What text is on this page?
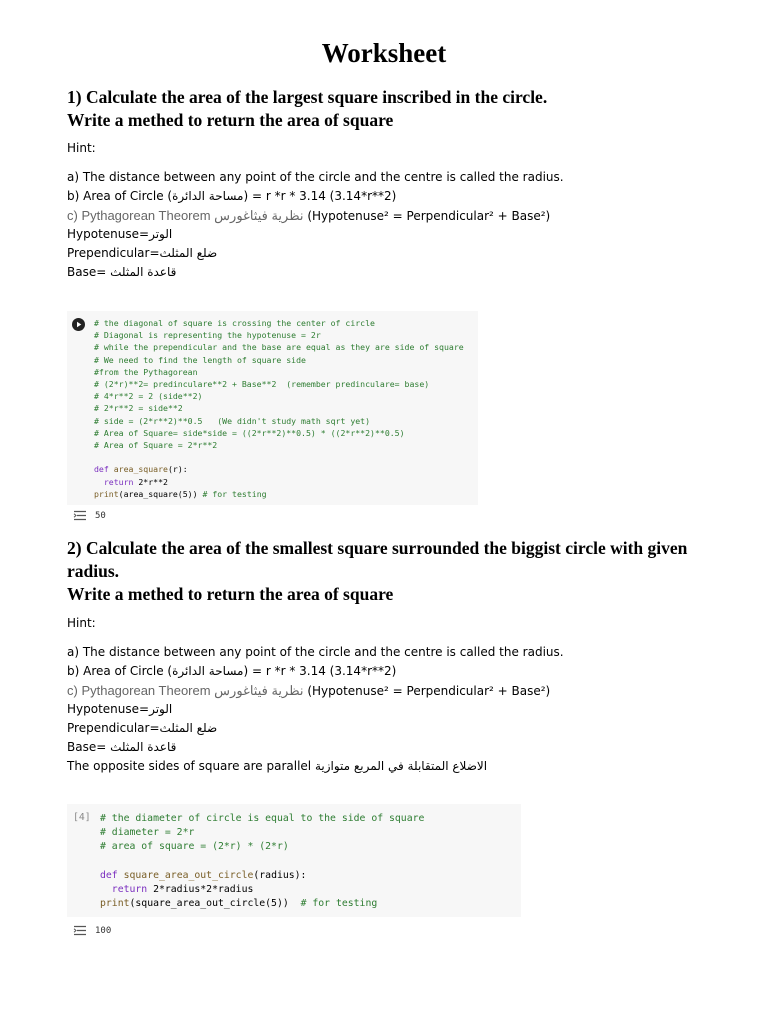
Worksheet
1) Calculate the area of the largest square inscribed in the circle.
Write a methed to return the area of square
Hint:
a) The distance between any point of the circle and the centre is called the radius.
b) Area of Circle (مساحة الدائرة) = r *r * 3.14 (3.14*r**2)
c) Pythagorean Theorem نظرية فيثاغورس (Hypotenuse² = Perpendicular² + Base²)
Hypotenuse=الوتر
Prependicular=ضلع المثلث
Base= قاعدة المثلث
# the diagonal of square is crossing the center of circle
# Diagonal is representing the hypotenuse = 2r
# while the prependicular and the base are equal as they are side of square
# We need to find the length of square side
#from the Pythagorean
# (2*r)**2= predinculare**2 + Base**2  (remember predinculare= base)
# 4*r**2 = 2 (side**2)
# 2*r**2 = side**2
# side = (2*r**2)**0.5   (We didn't study math sqrt yet)
# Area of Square= side*side = ((2*r**2)**0.5) * ((2*r**2)**0.5)
# Area of Square = 2*r**2

def area_square(r):
return 2*r**2
print(area_square(5)) # for testing
50
2) Calculate the area of the smallest square surrounded the biggist circle with given radius.
Write a methed to return the area of square
Hint:
a) The distance between any point of the circle and the centre is called the radius.
b) Area of Circle (مساحة الدائرة) = r *r * 3.14 (3.14*r**2)
c) Pythagorean Theorem نظرية فيثاغورس (Hypotenuse² = Perpendicular² + Base²)
Hypotenuse=الوتر
Prependicular=ضلع المثلث
Base= قاعدة المثلث
The opposite sides of square are parallel الاضلاع المتقابلة في المربع متوازية
[4] # the diameter of circle is equal to the side of square
# diameter = 2*r
# area of square = (2*r) * (2*r)

def square_area_out_circle(radius):
return 2*radius*2*radius
print(square_area_out_circle(5)) # for testing
100
